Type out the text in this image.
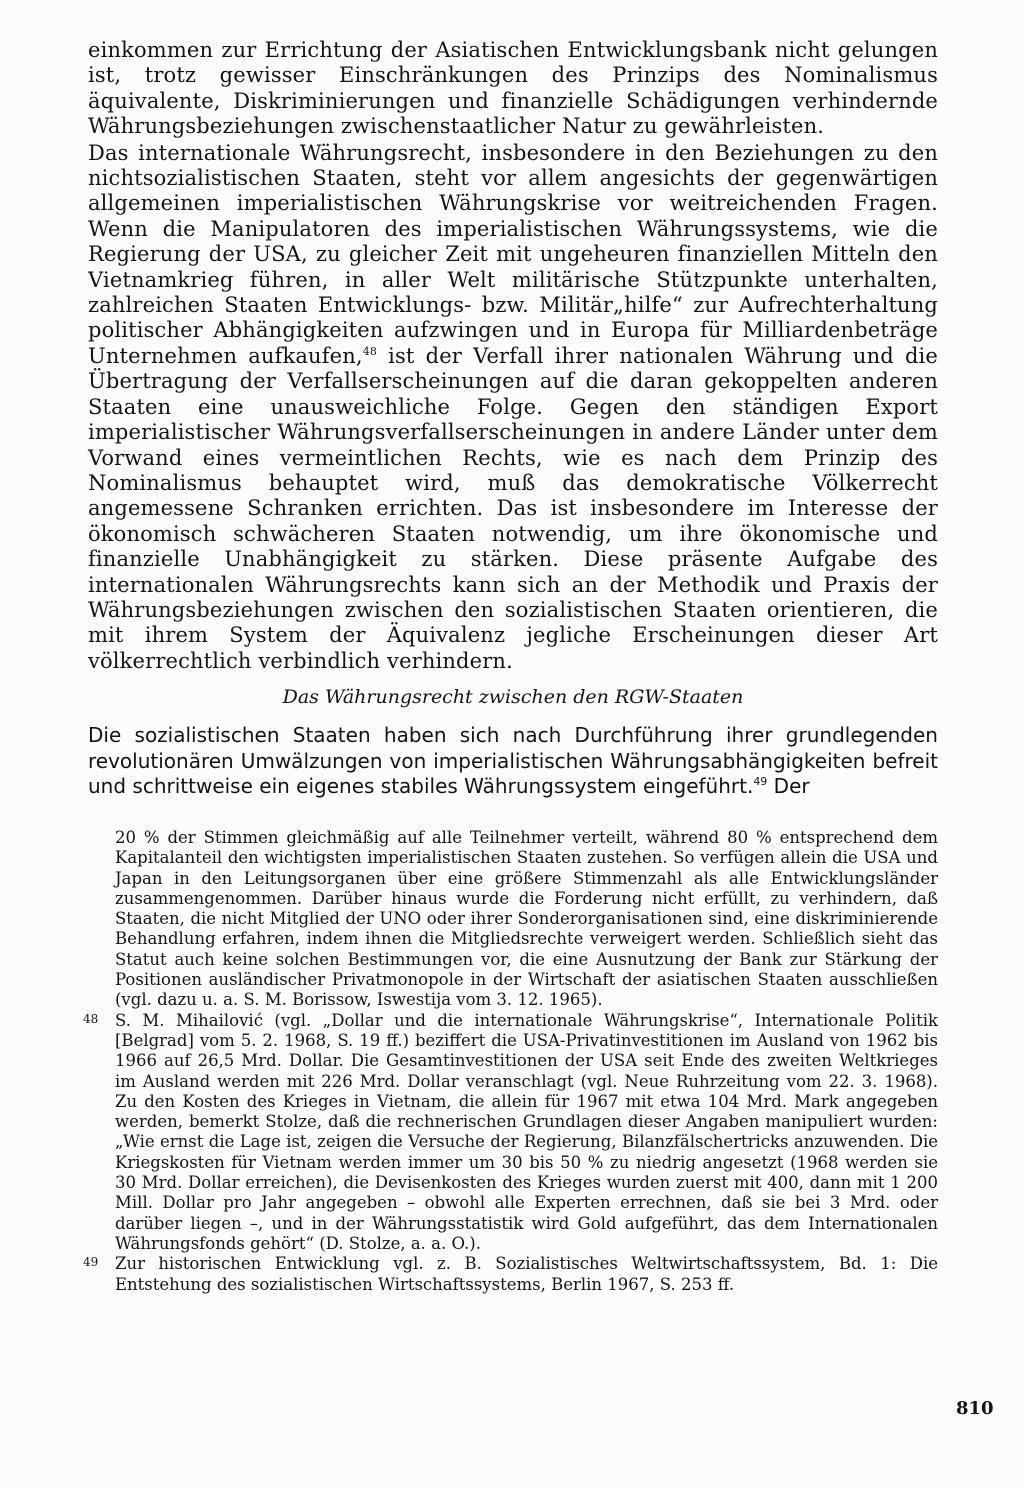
einkommen zur Errichtung der Asiatischen Entwicklungsbank nicht gelungen ist, trotz gewisser Einschränkungen des Prinzips des Nominalismus äquivalente, Diskriminierungen und finanzielle Schädigungen verhindernde Währungsbeziehungen zwischenstaatlicher Natur zu gewährleisten.

Das internationale Währungsrecht, insbesondere in den Beziehungen zu den nichtsozialistischen Staaten, steht vor allem angesichts der gegenwärtigen allgemeinen imperialistischen Währungskrise vor weitreichenden Fragen. Wenn die Manipulatoren des imperialistischen Währungssystems, wie die Regierung der USA, zu gleicher Zeit mit ungeheuren finanziellen Mitteln den Vietnamkrieg führen, in aller Welt militärische Stützpunkte unterhalten, zahlreichen Staaten Entwicklungs- bzw. Militär„hilfe“ zur Aufrechterhaltung politischer Abhängigkeiten aufzwingen und in Europa für Milliardenbeträge Unternehmen aufkaufen,$^{48}$ ist der Verfall ihrer nationalen Währung und die Übertragung der Verfallserscheinungen auf die daran gekoppelten anderen Staaten eine unausweichliche Folge. Gegen den ständigen Export imperialistischer Währungsverfallserscheinungen in andere Länder unter dem Vorwand eines vermeintlichen Rechts, wie es nach dem Prinzip des Nominalismus behauptet wird, muß das demokratische Völkerrecht angemessene Schranken errichten. Das ist insbesondere im Interesse der ökonomisch schwächeren Staaten notwendig, um ihre ökonomische und finanzielle Unabhängigkeit zu stärken. Diese präsente Aufgabe des internationalen Währungsrechts kann sich an der Methodik und Praxis der Währungsbeziehungen zwischen den sozialistischen Staaten orientieren, die mit ihrem System der Äquivalenz jegliche Erscheinungen dieser Art völkerrechtlich verbindlich verhindern.

Das Währungsrecht zwischen den RGW-Staaten

Die sozialistischen Staaten haben sich nach Durchführung ihrer grundlegenden revolutionären Umwälzungen von imperialistischen Währungsabhängigkeiten befreit und schrittweise ein eigenes stabiles Währungssystem eingeführt.$^{49}$ Der

20 % der Stimmen gleichmäßig auf alle Teilnehmer verteilt, während 80 % entsprechend dem Kapitalanteil den wichtigsten imperialistischen Staaten zustehen. So verfügen allein die USA und Japan in den Leitungsorganen über eine größere Stimmenzahl als alle Entwicklungsländer zusammengenommen. Darüber hinaus wurde die Forderung nicht erfüllt, zu verhindern, daß Staaten, die nicht Mitglied der UNO oder ihrer Sonderorganisationen sind, eine diskriminierende Behandlung erfahren, indem ihnen die Mitgliedsrechte verweigert werden. Schließlich sieht das Statut auch keine solchen Bestimmungen vor, die eine Ausnutzung der Bank zur Stärkung der Positionen ausländischer Privatmonopole in der Wirtschaft der asiatischen Staaten ausschließen (vgl. dazu u. a. S. M. Borissow, Iswestija vom 3. 12. 1965).
48	S. M. Mihailović (vgl. „Dollar und die internationale Währungskrise“, Internationale Politik [Belgrad] vom 5. 2. 1968, S. 19 ff.) beziffert die USA-Privatinvestitionen im Ausland von 1962 bis 1966 auf 26,5 Mrd. Dollar. Die Gesamtinvestitionen der USA seit Ende des zweiten Weltkrieges im Ausland werden mit 226 Mrd. Dollar veranschlagt (vgl. Neue Ruhrzeitung vom 22. 3. 1968). Zu den Kosten des Krieges in Vietnam, die allein für 1967 mit etwa 104 Mrd. Mark angegeben werden, bemerkt Stolze, daß die rechnerischen Grundlagen dieser Angaben manipuliert wurden: „Wie ernst die Lage ist, zeigen die Versuche der Regierung, Bilanzfälschertricks anzuwenden. Die Kriegskosten für Vietnam werden immer um 30 bis 50 % zu niedrig angesetzt (1968 werden sie 30 Mrd. Dollar erreichen), die Devisenkosten des Krieges wurden zuerst mit 400, dann mit 1 200 Mill. Dollar pro Jahr angegeben – obwohl alle Experten errechnen, daß sie bei 3 Mrd. oder darüber liegen –, und in der Währungsstatistik wird Gold aufgeführt, das dem Internationalen Währungsfonds gehört“ (D. Stolze, a. a. O.).
49	Zur historischen Entwicklung vgl. z. B. Sozialistisches Weltwirtschaftssystem, Bd. 1: Die Entstehung des sozialistischen Wirtschaftssystems, Berlin 1967, S. 253 ff.
810
